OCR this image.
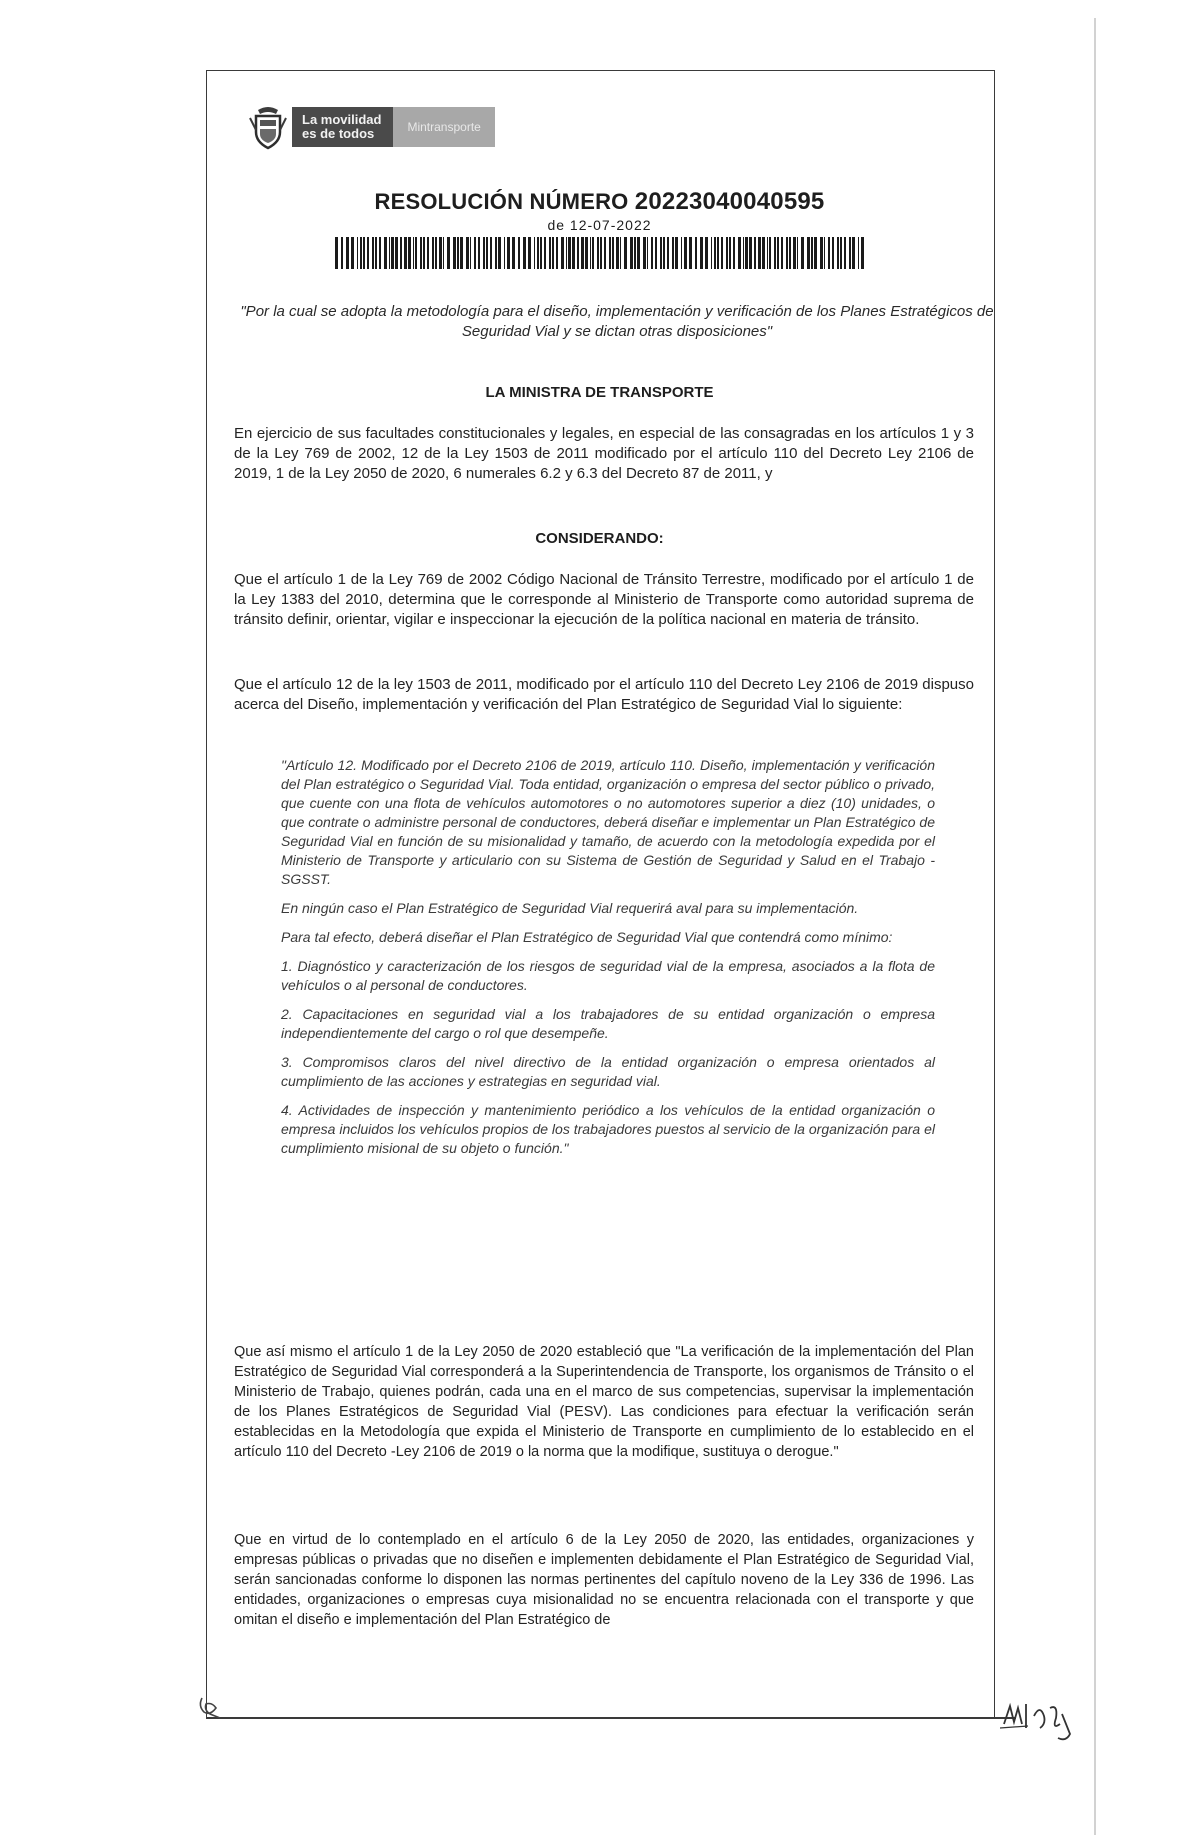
La movilidad
es de todos	Mintransporte
RESOLUCIÓN NÚMERO 20223040040595
de 12-07-2022
"Por la cual se adopta la metodología para el diseño, implementación y verificación de los Planes Estratégicos de Seguridad Vial y se dictan otras disposiciones"
LA MINISTRA DE TRANSPORTE
En ejercicio de sus facultades constitucionales y legales, en especial de las consagradas en los artículos 1 y 3 de la Ley 769 de 2002, 12 de la Ley 1503 de 2011 modificado por el artículo 110 del Decreto Ley 2106 de 2019, 1 de la Ley 2050 de 2020, 6 numerales 6.2 y 6.3 del Decreto 87 de 2011, y
CONSIDERANDO:
Que el artículo 1 de la Ley 769 de 2002 Código Nacional de Tránsito Terrestre, modificado por el artículo 1 de la Ley 1383 del 2010, determina que le corresponde al Ministerio de Transporte como autoridad suprema de tránsito definir, orientar, vigilar e inspeccionar la ejecución de la política nacional en materia de tránsito.
Que el artículo 12 de la ley 1503 de 2011, modificado por el artículo 110 del Decreto Ley 2106 de 2019 dispuso acerca del Diseño, implementación y verificación del Plan Estratégico de Seguridad Vial lo siguiente:
"Artículo 12. Modificado por el Decreto 2106 de 2019, artículo 110. Diseño, implementación y verificación del Plan estratégico o Seguridad Vial. Toda entidad, organización o empresa del sector público o privado, que cuente con una flota de vehículos automotores o no automotores superior a diez (10) unidades, o que contrate o administre personal de conductores, deberá diseñar e implementar un Plan Estratégico de Seguridad Vial en función de su misionalidad y tamaño, de acuerdo con la metodología expedida por el Ministerio de Transporte y articulario con su Sistema de Gestión de Seguridad y Salud en el Trabajo -SGSST.
En ningún caso el Plan Estratégico de Seguridad Vial requerirá aval para su implementación.
Para tal efecto, deberá diseñar el Plan Estratégico de Seguridad Vial que contendrá como mínimo:
1. Diagnóstico y caracterización de los riesgos de seguridad vial de la empresa, asociados a la flota de vehículos o al personal de conductores.
2. Capacitaciones en seguridad vial a los trabajadores de su entidad organización o empresa independientemente del cargo o rol que desempeñe.
3. Compromisos claros del nivel directivo de la entidad organización o empresa orientados al cumplimiento de las acciones y estrategias en seguridad vial.
4. Actividades de inspección y mantenimiento periódico a los vehículos de la entidad organización o empresa incluidos los vehículos propios de los trabajadores puestos al servicio de la organización para el cumplimiento misional de su objeto o función."
Que así mismo el artículo 1 de la Ley 2050 de 2020 estableció que "La verificación de la implementación del Plan Estratégico de Seguridad Vial corresponderá a la Superintendencia de Transporte, los organismos de Tránsito o el Ministerio de Trabajo, quienes podrán, cada una en el marco de sus competencias, supervisar la implementación de los Planes Estratégicos de Seguridad Vial (PESV). Las condiciones para efectuar la verificación serán establecidas en la Metodología que expida el Ministerio de Transporte en cumplimiento de lo establecido en el artículo 110 del Decreto -Ley 2106 de 2019 o la norma que la modifique, sustituya o derogue."
Que en virtud de lo contemplado en el artículo 6 de la Ley 2050 de 2020, las entidades, organizaciones y empresas públicas o privadas que no diseñen e implementen debidamente el Plan Estratégico de Seguridad Vial, serán sancionadas conforme lo disponen las normas pertinentes del capítulo noveno de la Ley 336 de 1996. Las entidades, organizaciones o empresas cuya misionalidad no se encuentra relacionada con el transporte y que omitan el diseño e implementación del Plan Estratégico de
